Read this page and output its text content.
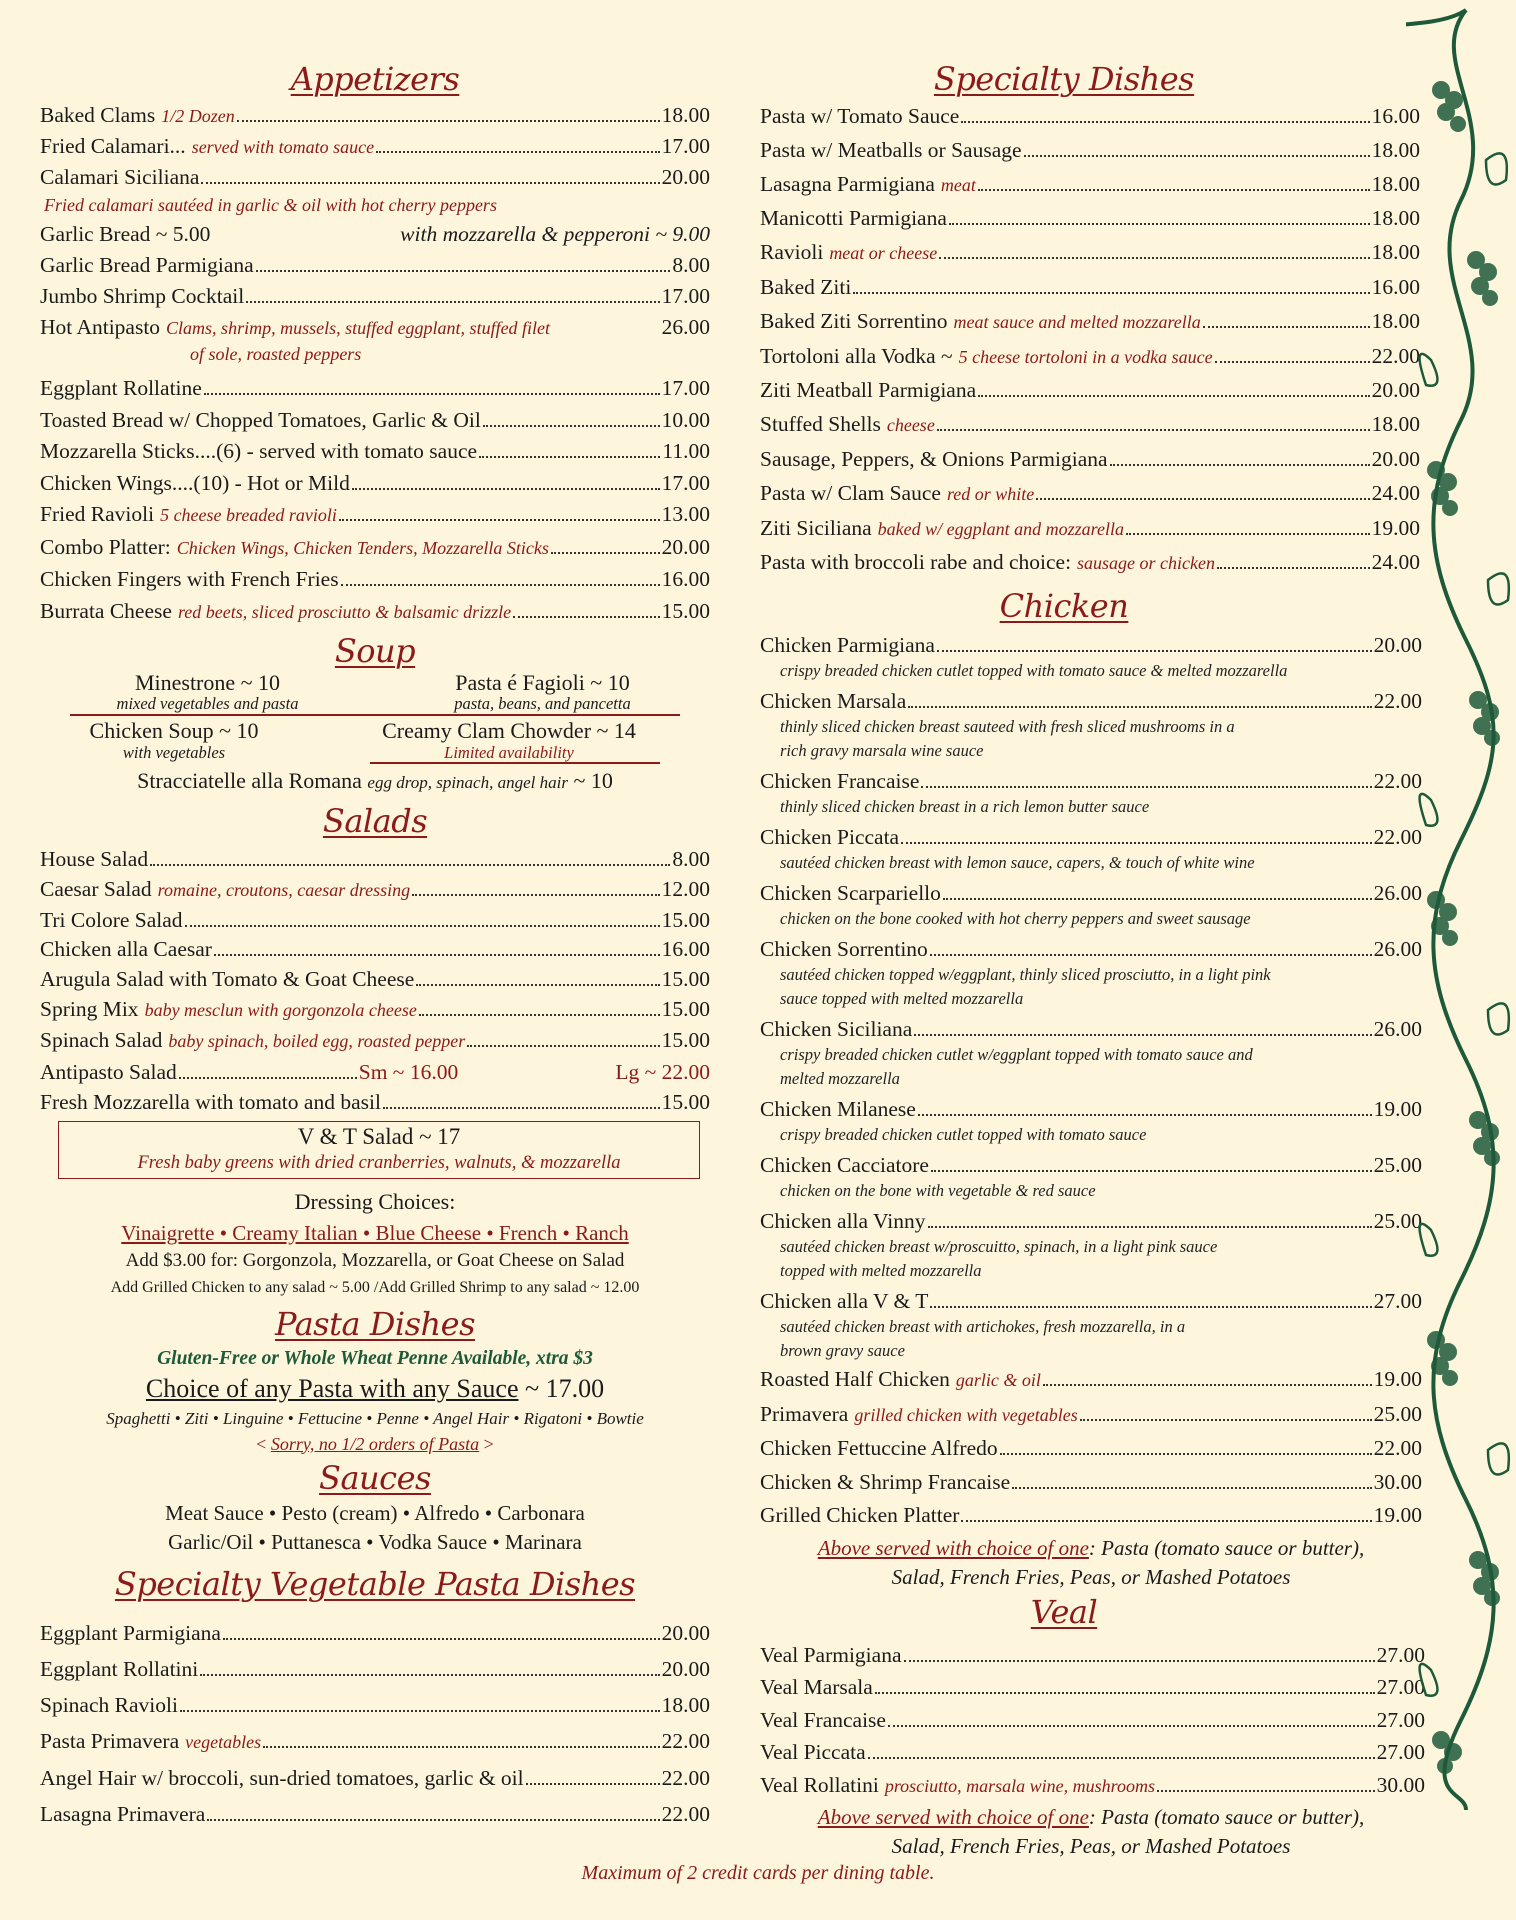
Appetizers
Baked Clams 1/2 Dozen	18.00
Fried Calamari... served with tomato sauce	17.00
Calamari Siciliana	20.00
Fried calamari sautéed in garlic & oil with hot cherry peppers
Garlic Bread ~ 5.00	with mozzarella & pepperoni ~ 9.00
Garlic Bread Parmigiana	8.00
Jumbo Shrimp Cocktail	17.00
Hot Antipasto Clams, shrimp, mussels, stuffed eggplant, stuffed filet	26.00
of sole, roasted peppers
Eggplant Rollatine	17.00
Toasted Bread w/ Chopped Tomatoes, Garlic & Oil	10.00
Mozzarella Sticks....(6) - served with tomato sauce	11.00
Chicken Wings....(10) - Hot or Mild	17.00
Fried Ravioli 5 cheese breaded ravioli	13.00
Combo Platter: Chicken Wings, Chicken Tenders, Mozzarella Sticks	20.00
Chicken Fingers with French Fries	16.00
Burrata Cheese red beets, sliced prosciutto & balsamic drizzle	15.00
Soup
Minestrone ~ 10
mixed vegetables and pasta
Pasta é Fagioli ~ 10
pasta, beans, and pancetta
Chicken Soup ~ 10
with vegetables
Creamy Clam Chowder ~ 14
Limited availability
Stracciatelle alla Romana egg drop, spinach, angel hair ~ 10
Salads
House Salad	8.00
Caesar Salad romaine, croutons, caesar dressing	12.00
Tri Colore Salad	15.00
Chicken alla Caesar	16.00
Arugula Salad with Tomato & Goat Cheese	15.00
Spring Mix baby mesclun with gorgonzola cheese	15.00
Spinach Salad baby spinach, boiled egg, roasted pepper	15.00
Antipasto Salad	Sm ~ 16.00	Lg ~ 22.00
Fresh Mozzarella with tomato and basil	15.00
V & T Salad ~ 17
Fresh baby greens with dried cranberries, walnuts, & mozzarella
Dressing Choices:
Vinaigrette • Creamy Italian • Blue Cheese • French • Ranch
Add $3.00 for: Gorgonzola, Mozzarella, or Goat Cheese on Salad
Add Grilled Chicken to any salad ~ 5.00 /Add Grilled Shrimp to any salad ~ 12.00
Pasta Dishes
Gluten-Free or Whole Wheat Penne Available, xtra $3
Choice of any Pasta with any Sauce ~ 17.00
Spaghetti • Ziti • Linguine • Fettucine • Penne • Angel Hair • Rigatoni • Bowtie
< Sorry, no 1/2 orders of Pasta >
Sauces
Meat Sauce • Pesto (cream) • Alfredo • Carbonara
Garlic/Oil • Puttanesca • Vodka Sauce • Marinara
Specialty Vegetable Pasta Dishes
Eggplant Parmigiana	20.00
Eggplant Rollatini	20.00
Spinach Ravioli	18.00
Pasta Primavera vegetables	22.00
Angel Hair w/ broccoli, sun-dried tomatoes, garlic & oil	22.00
Lasagna Primavera	22.00
Specialty Dishes
Pasta w/ Tomato Sauce	16.00
Pasta w/ Meatballs or Sausage	18.00
Lasagna Parmigiana meat	18.00
Manicotti Parmigiana	18.00
Ravioli meat or cheese	18.00
Baked Ziti	16.00
Baked Ziti Sorrentino meat sauce and melted mozzarella	18.00
Tortoloni alla Vodka ~ 5 cheese tortoloni in a vodka sauce	22.00
Ziti Meatball Parmigiana	20.00
Stuffed Shells cheese	18.00
Sausage, Peppers, & Onions Parmigiana	20.00
Pasta w/ Clam Sauce red or white	24.00
Ziti Siciliana baked w/ eggplant and mozzarella	19.00
Pasta with broccoli rabe and choice: sausage or chicken	24.00
Chicken
Chicken Parmigiana	20.00
crispy breaded chicken cutlet topped with tomato sauce & melted mozzarella
Chicken Marsala	22.00
thinly sliced chicken breast sauteed with fresh sliced mushrooms in a
rich gravy marsala wine sauce
Chicken Francaise	22.00
thinly sliced chicken breast in a rich lemon butter sauce
Chicken Piccata	22.00
sautéed chicken breast with lemon sauce, capers, & touch of white wine
Chicken Scarpariello	26.00
chicken on the bone cooked with hot cherry peppers and sweet sausage
Chicken Sorrentino	26.00
sautéed chicken topped w/eggplant, thinly sliced prosciutto, in a light pink
sauce topped with melted mozzarella
Chicken Siciliana	26.00
crispy breaded chicken cutlet w/eggplant topped with tomato sauce and
melted mozzarella
Chicken Milanese	19.00
crispy breaded chicken cutlet topped with tomato sauce
Chicken Cacciatore	25.00
chicken on the bone with vegetable & red sauce
Chicken alla Vinny	25.00
sautéed chicken breast w/proscuitto, spinach, in a light pink sauce
topped with melted mozzarella
Chicken alla V & T	27.00
sautéed chicken breast with artichokes, fresh mozzarella, in a
brown gravy sauce
Roasted Half Chicken garlic & oil	19.00
Primavera grilled chicken with vegetables	25.00
Chicken Fettuccine Alfredo	22.00
Chicken & Shrimp Francaise	30.00
Grilled Chicken Platter	19.00
Above served with choice of one: Pasta (tomato sauce or butter),
Salad, French Fries, Peas, or Mashed Potatoes
Veal
Veal Parmigiana	27.00
Veal Marsala	27.00
Veal Francaise	27.00
Veal Piccata	27.00
Veal Rollatini prosciutto, marsala wine, mushrooms	30.00
Above served with choice of one: Pasta (tomato sauce or butter),
Salad, French Fries, Peas, or Mashed Potatoes
Maximum of 2 credit cards per dining table.
